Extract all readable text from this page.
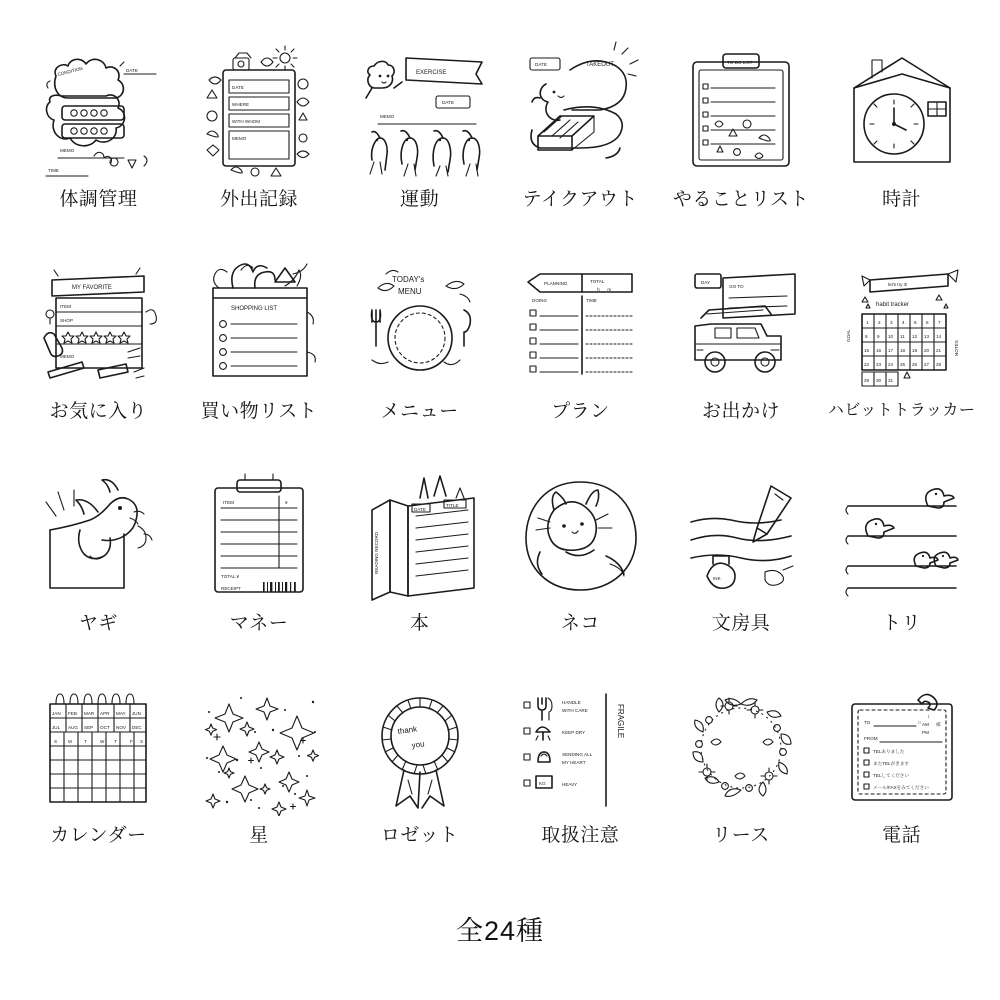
CONDITION	DATE
MEMO
TIME
体調管理
DATE
WHERE
WITH WHOM
MEMO
外出記録
EXERCISE
DATE
MEMO
運動
DATE	TAKEOUT
テイクアウト
TO DO LIST
やることリスト	時計
MY FAVORITE
ITEM
SHOP
MEMO
お気に入り
SHOPPING LIST
買い物リスト
TODAY's
MENU
メニュー
PLANNING	TOTAL
__h___m
DOING	TIME
プラン
DAY
GO TO
お出かけ
let's try it!
habit tracker
1 2 3 4 5 6 7
8 9 10 11 12 13 14
15 16 17 18 19 20 21
22 23 24 25 26 27 28
29 30 31
GOAL
NOTES
ハビットトラッカー
ヤギ
ITEM	¥
TOTAL ¥
RECEIPT
マネー
READING RECORD
DATE
TITLE
本	ネコ
INK
文房具	トリ
JAN FEB MAR APR MAY JUN
JUL AUG SEP OCT NOV DEC
S M	T	W T	F S
カレンダー	星
thank
you
ロゼット
HANDLE
WITH CARE
KEEP DRY
SENDING ALL
MY HEART
KG	HEAVY
FRAGILE
取扱注意	リース
TO
/
AM
PM
□	様
FROM
TELありました
またTELがきます
TELしてください
メール/FAXをみてください
電話
全24種
